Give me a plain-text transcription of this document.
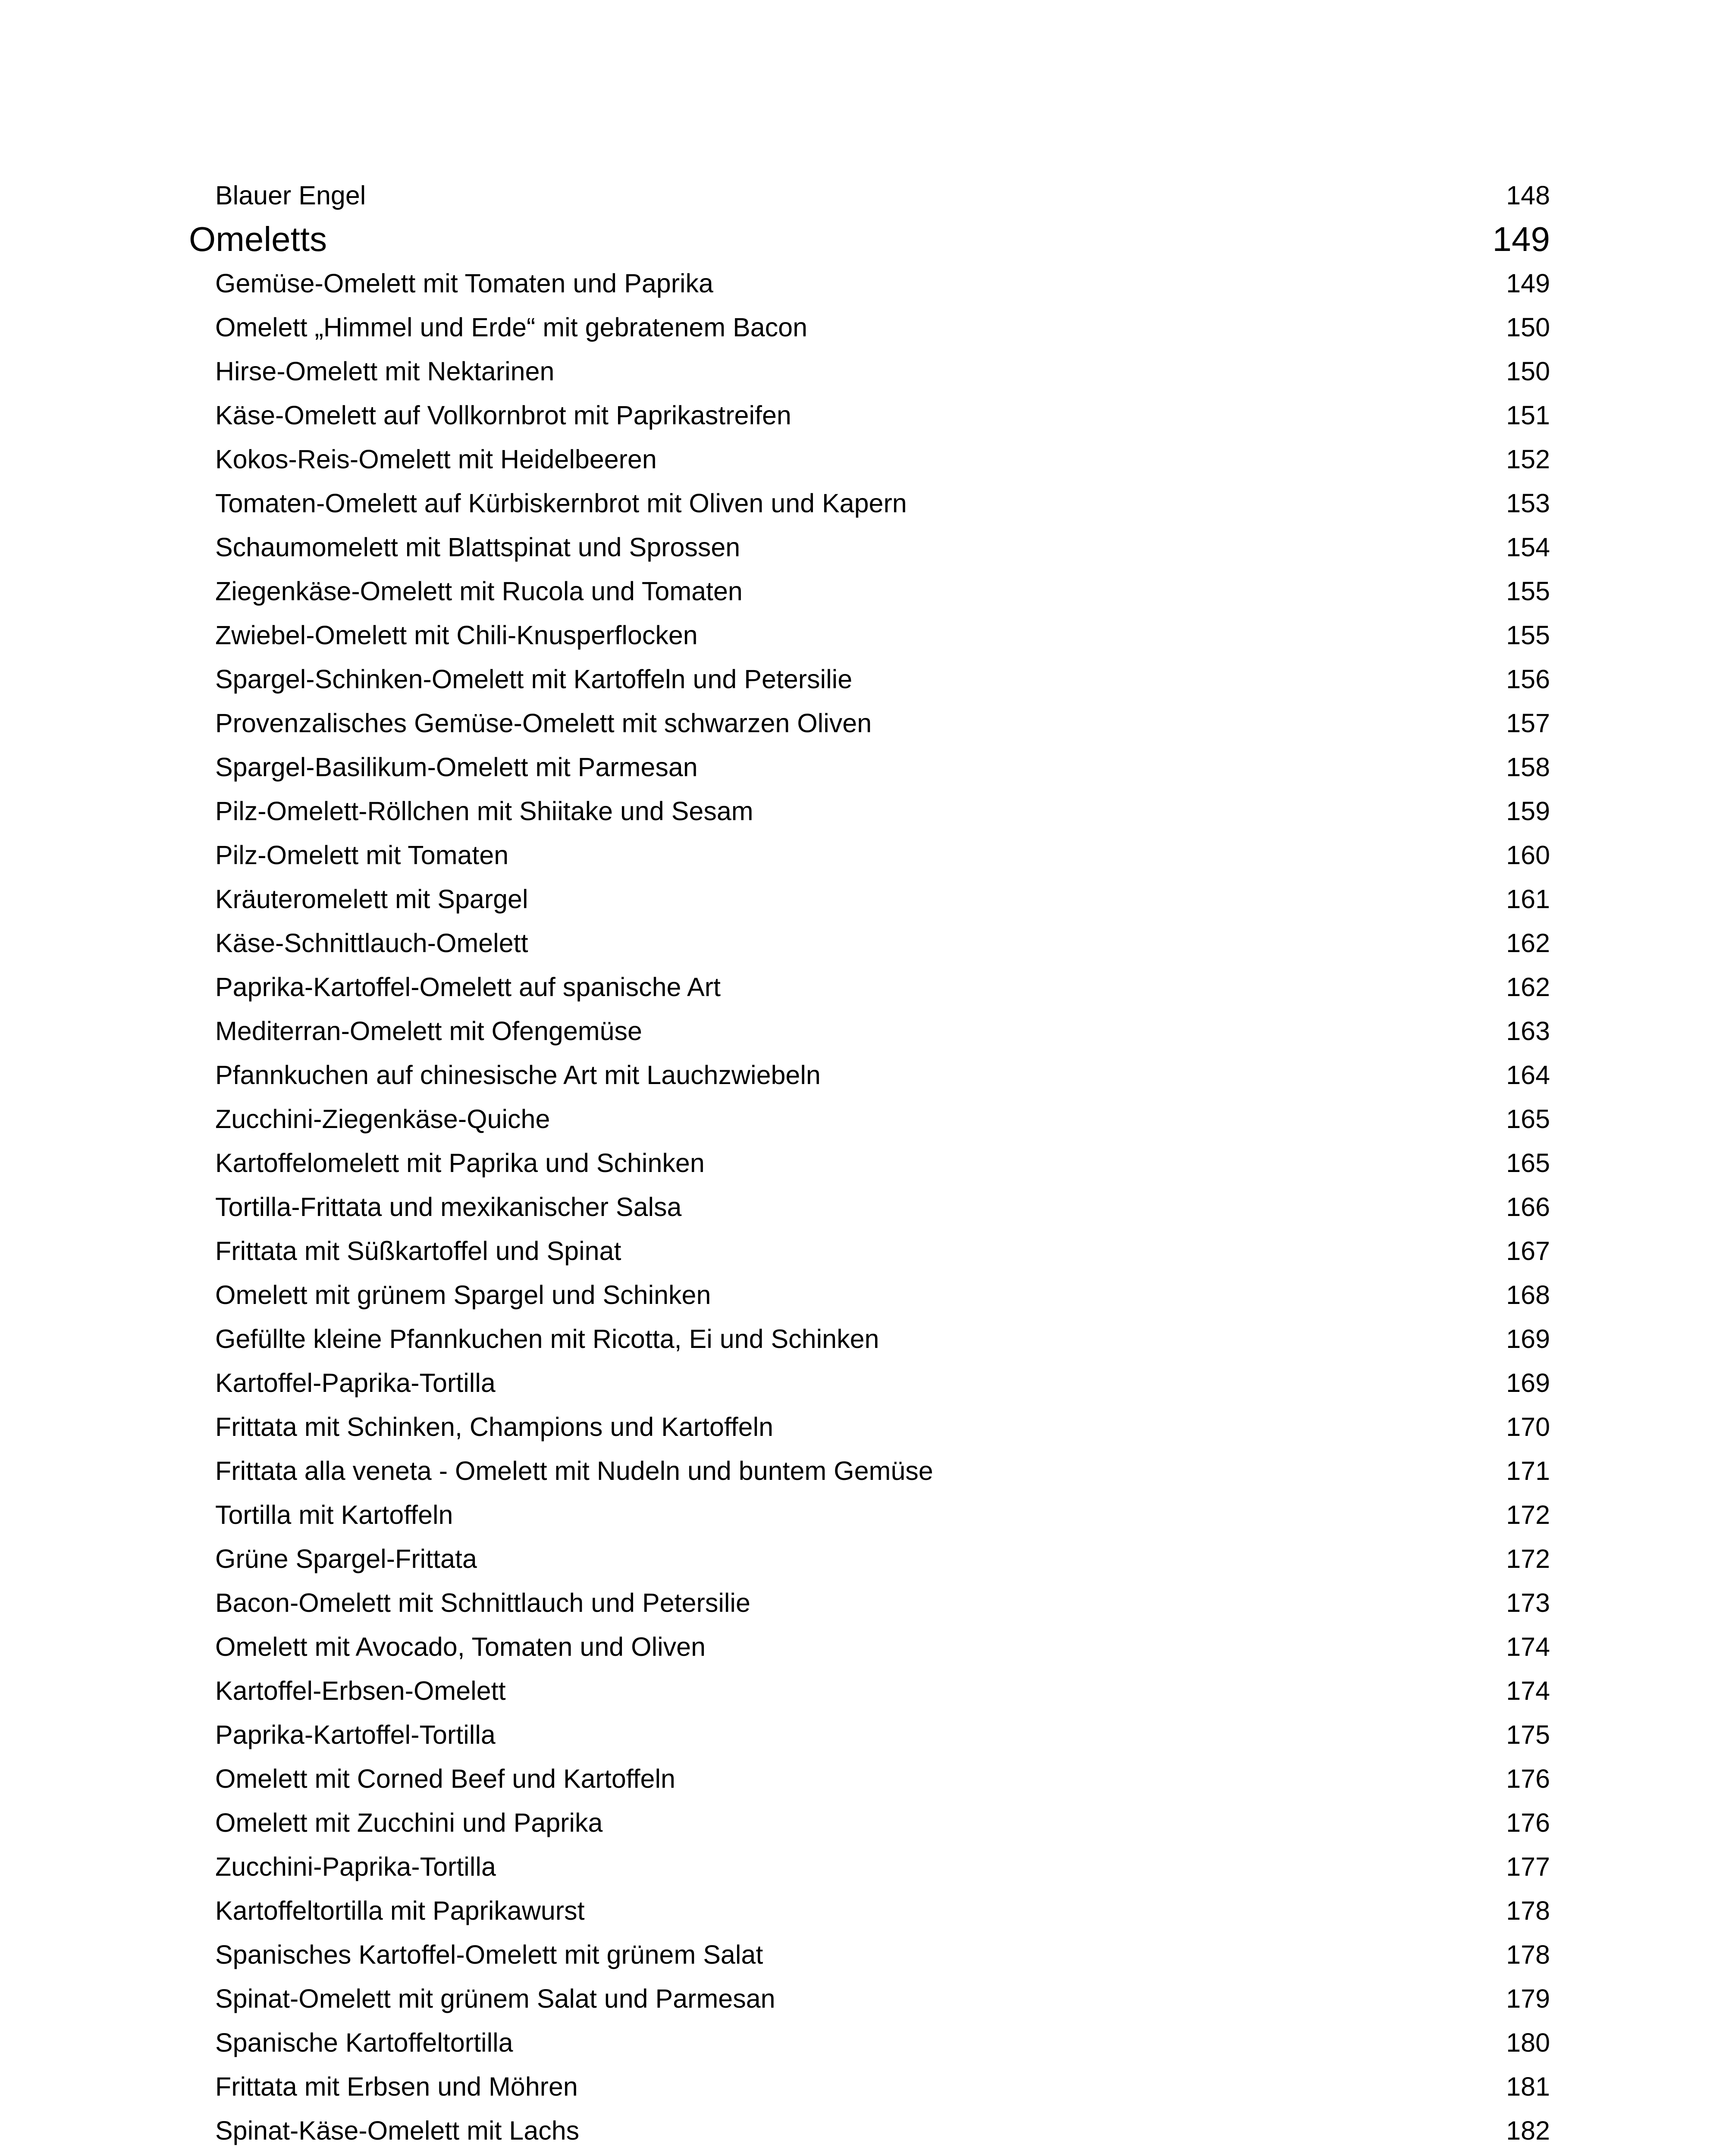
Blauer Engel	148
Omeletts	149
Gemüse-Omelett mit Tomaten und Paprika	149
Omelett „Himmel und Erde“ mit gebratenem Bacon	150
Hirse-Omelett mit Nektarinen	150
Käse-Omelett auf Vollkornbrot mit Paprikastreifen	151
Kokos-Reis-Omelett mit Heidelbeeren	152
Tomaten-Omelett auf Kürbiskernbrot mit Oliven und Kapern	153
Schaumomelett mit Blattspinat und Sprossen	154
Ziegenkäse-Omelett mit Rucola und Tomaten	155
Zwiebel-Omelett mit Chili-Knusperflocken	155
Spargel-Schinken-Omelett mit Kartoffeln und Petersilie	156
Provenzalisches Gemüse-Omelett mit schwarzen Oliven	157
Spargel-Basilikum-Omelett mit Parmesan	158
Pilz-Omelett-Röllchen mit Shiitake und Sesam	159
Pilz-Omelett mit Tomaten	160
Kräuteromelett mit Spargel	161
Käse-Schnittlauch-Omelett	162
Paprika-Kartoffel-Omelett auf spanische Art	162
Mediterran-Omelett mit Ofengemüse	163
Pfannkuchen auf chinesische Art mit Lauchzwiebeln	164
Zucchini-Ziegenkäse-Quiche	165
Kartoffelomelett mit Paprika und Schinken	165
Tortilla-Frittata und mexikanischer Salsa	166
Frittata mit Süßkartoffel und Spinat	167
Omelett mit grünem Spargel und Schinken	168
Gefüllte kleine Pfannkuchen mit Ricotta, Ei und Schinken	169
Kartoffel-Paprika-Tortilla	169
Frittata mit Schinken, Champions und Kartoffeln	170
Frittata alla veneta - Omelett mit Nudeln und buntem Gemüse	171
Tortilla mit Kartoffeln	172
Grüne Spargel-Frittata	172
Bacon-Omelett mit Schnittlauch und Petersilie	173
Omelett mit Avocado, Tomaten und Oliven	174
Kartoffel-Erbsen-Omelett	174
Paprika-Kartoffel-Tortilla	175
Omelett mit Corned Beef und Kartoffeln	176
Omelett mit Zucchini und Paprika	176
Zucchini-Paprika-Tortilla	177
Kartoffeltortilla mit Paprikawurst	178
Spanisches Kartoffel-Omelett mit grünem Salat	178
Spinat-Omelett mit grünem Salat und Parmesan	179
Spanische Kartoffeltortilla	180
Frittata mit Erbsen und Möhren	181
Spinat-Käse-Omelett mit Lachs	182
